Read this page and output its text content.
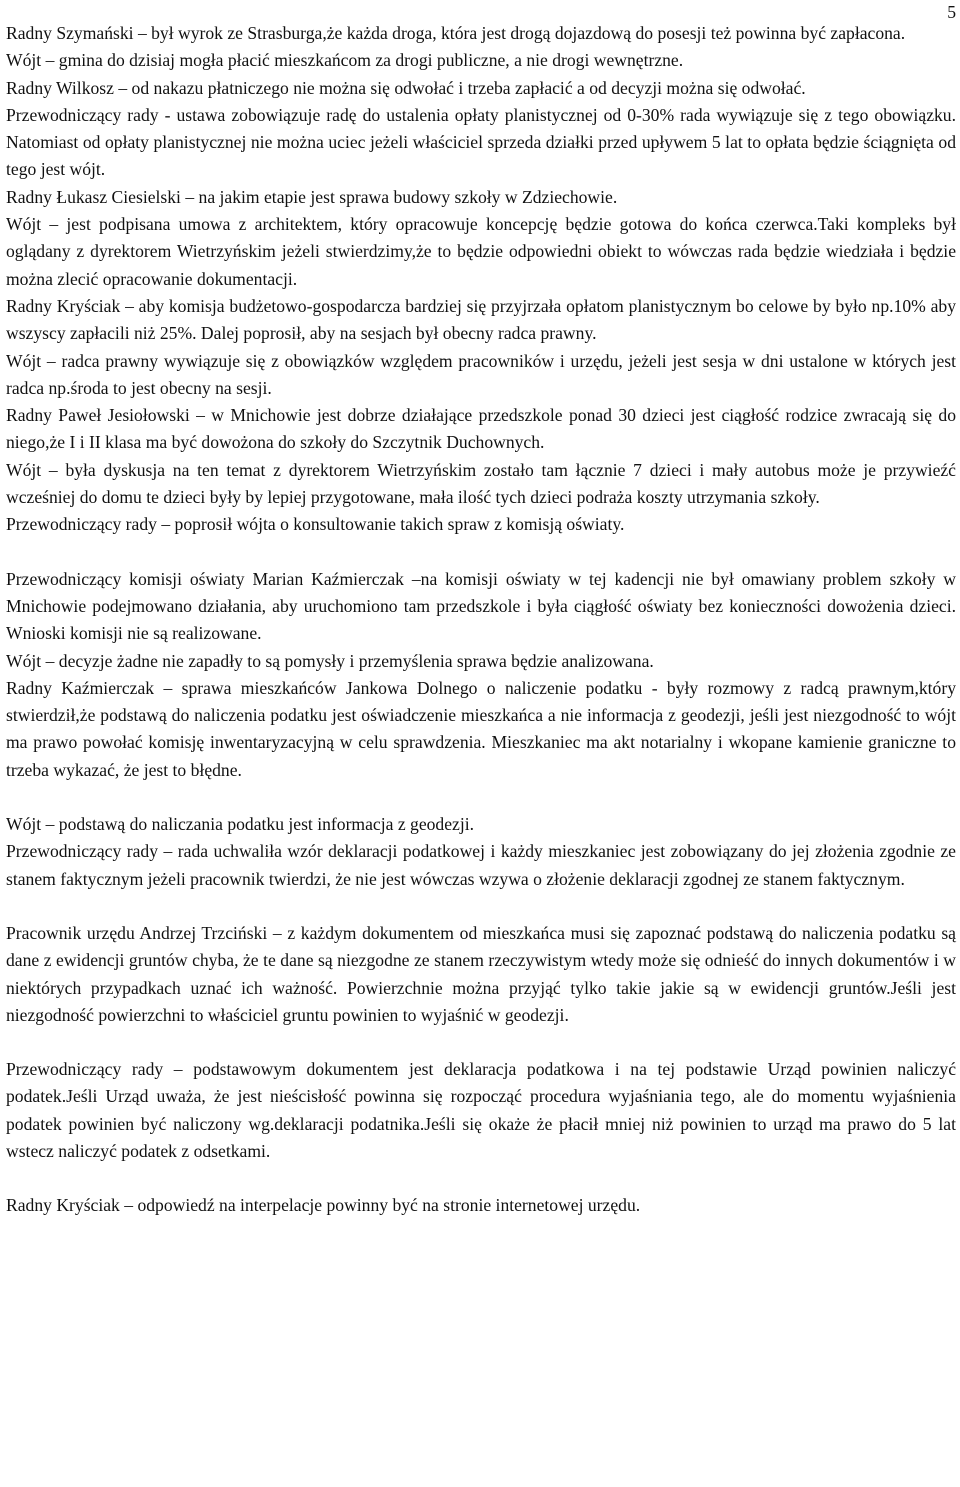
5

Radny Szymański – był wyrok ze Strasburga,że każda droga, która jest drogą dojazdową do posesji też powinna być zapłacona.

Wójt – gmina do dzisiaj mogła płacić mieszkańcom za drogi publiczne, a nie drogi wewnętrzne.

Radny Wilkosz – od nakazu płatniczego nie można się odwołać i trzeba zapłacić a od decyzji można się odwołać.

Przewodniczący rady - ustawa zobowiązuje radę do ustalenia opłaty planistycznej od 0-30% rada wywiązuje się z tego obowiązku. Natomiast od opłaty planistycznej nie można uciec jeżeli właściciel sprzeda działki przed upływem 5 lat to opłata będzie ściągnięta od tego jest wójt.

Radny Łukasz Ciesielski – na jakim etapie jest sprawa budowy szkoły w Zdziechowie.

Wójt – jest podpisana umowa z architektem, który opracowuje koncepcję będzie gotowa do końca czerwca.Taki kompleks był oglądany z dyrektorem Wietrzyńskim jeżeli stwierdzimy,że to będzie odpowiedni obiekt to wówczas rada będzie wiedziała i będzie można zlecić opracowanie dokumentacji.

Radny Kryściak – aby komisja budżetowo-gospodarcza bardziej się przyjrzała opłatom planistycznym bo celowe by było np.10% aby wszyscy zapłacili niż 25%. Dalej poprosił, aby na sesjach był obecny radca prawny.

Wójt – radca prawny wywiązuje się z obowiązków względem pracowników i urzędu, jeżeli jest sesja w dni ustalone w których jest radca np.środa to jest obecny na sesji.

Radny Paweł Jesiołowski – w Mnichowie jest dobrze działające przedszkole ponad 30 dzieci jest ciągłość rodzice zwracają się do niego,że I i II klasa ma być dowożona do szkoły do Szczytnik Duchownych.

Wójt – była dyskusja na ten temat z dyrektorem Wietrzyńskim zostało tam łącznie 7 dzieci i mały autobus może je przywieźć wcześniej do domu te dzieci były by lepiej przygotowane, mała ilość tych dzieci podraża koszty utrzymania szkoły.

Przewodniczący rady – poprosił wójta o konsultowanie takich spraw z komisją oświaty.

Przewodniczący komisji oświaty Marian Kaźmierczak –na komisji oświaty w tej kadencji nie był omawiany problem szkoły w Mnichowie podejmowano działania, aby uruchomiono tam przedszkole i była ciągłość oświaty bez konieczności dowożenia dzieci. Wnioski komisji nie są realizowane.

Wójt – decyzje żadne nie zapadły to są pomysły i przemyślenia sprawa będzie analizowana.

Radny Kaźmierczak – sprawa mieszkańców Jankowa Dolnego o naliczenie podatku - były rozmowy z radcą prawnym,który stwierdził,że podstawą do naliczenia podatku jest oświadczenie mieszkańca a nie informacja z geodezji, jeśli jest niezgodność to wójt ma prawo powołać komisję inwentaryzacyjną w celu sprawdzenia. Mieszkaniec ma akt notarialny i wkopane kamienie graniczne to trzeba wykazać, że jest to błędne.

Wójt – podstawą do naliczania podatku jest informacja z geodezji.

Przewodniczący rady – rada uchwaliła wzór deklaracji podatkowej i każdy mieszkaniec jest zobowiązany do jej złożenia zgodnie ze stanem faktycznym jeżeli pracownik twierdzi, że nie jest wówczas wzywa o złożenie deklaracji zgodnej ze stanem faktycznym.

Pracownik urzędu Andrzej Trzciński – z każdym dokumentem od mieszkańca musi się zapoznać podstawą do naliczenia podatku są dane z ewidencji gruntów chyba, że te dane są niezgodne ze stanem rzeczywistym wtedy może się odnieść do innych dokumentów i w niektórych przypadkach uznać ich ważność. Powierzchnie można przyjąć tylko takie jakie są w ewidencji gruntów.Jeśli jest niezgodność powierzchni to właściciel gruntu powinien to wyjaśnić w geodezji.

Przewodniczący rady – podstawowym dokumentem jest deklaracja podatkowa i na tej podstawie Urząd powinien naliczyć podatek.Jeśli Urząd uważa, że jest nieścisłość powinna się rozpocząć procedura wyjaśniania tego, ale do momentu wyjaśnienia podatek powinien być naliczony wg.deklaracji podatnika.Jeśli się okaże że płacił mniej niż powinien to urząd ma prawo do 5 lat wstecz naliczyć podatek z odsetkami.

Radny Kryściak – odpowiedź na interpelacje powinny być na stronie internetowej urzędu.
